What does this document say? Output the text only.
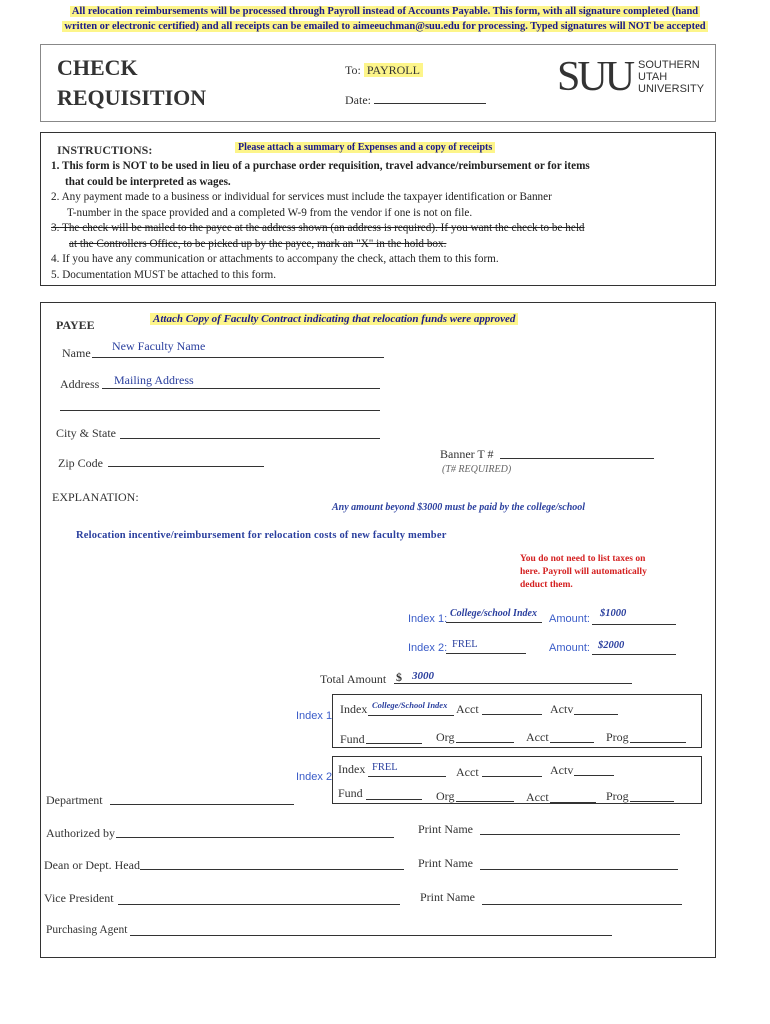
All relocation reimbursements will be processed through Payroll instead of Accounts Payable. This form, with all signature completed (hand
written or electronic certified) and all receipts can be emailed to aimeeuchman@suu.edu for processing. Typed signatures will NOT be accepted
CHECK
REQUISITION
To: PAYROLL
Date:	SUU SOUTHERN
UTAH
UNIVERSITY
INSTRUCTIONS:	Please attach a summary of Expenses and a copy of receipts
1. This form is NOT to be used in lieu of a purchase order requisition, travel advance/reimbursement or for items
that could be interpreted as wages.
2. Any payment made to a business or individual for services must include the taxpayer identification or Banner
T-number in the space provided and a completed W-9 from the vendor if one is not on file.
3. The check will be mailed to the payee at the address shown (an address is required). If you want the check to be held
at the Controllers Office, to be picked up by the payee, mark an "X" in the hold box.
4. If you have any communication or attachments to accompany the check, attach them to this form.
5. Documentation MUST be attached to this form.
PAYEE	Attach Copy of Faculty Contract indicating that relocation funds were approved
Name New Faculty Name
Address Mailing Address
City & State
Zip Code
Banner T #
(T# REQUIRED)
EXPLANATION:
Any amount beyond $3000 must be paid by the college/school
Relocation incentive/reimbursement for relocation costs of new faculty member
You do not need to list taxes on
here. Payroll will automatically
deduct them.
Index 1: College/school Index Amount: $1000
Index 2: FREL	Amount: $2000
Total Amount $ 3000
Index 1 Index College/School Index Acct	Actv
Fund	Org	Acct	Prog
Index 2
Index FREL	Acct	Actv
Fund	Org	Acct	Prog
Department
Authorized by	Print Name
Dean or Dept. Head	Print Name
Vice President	Print Name
Purchasing Agent
